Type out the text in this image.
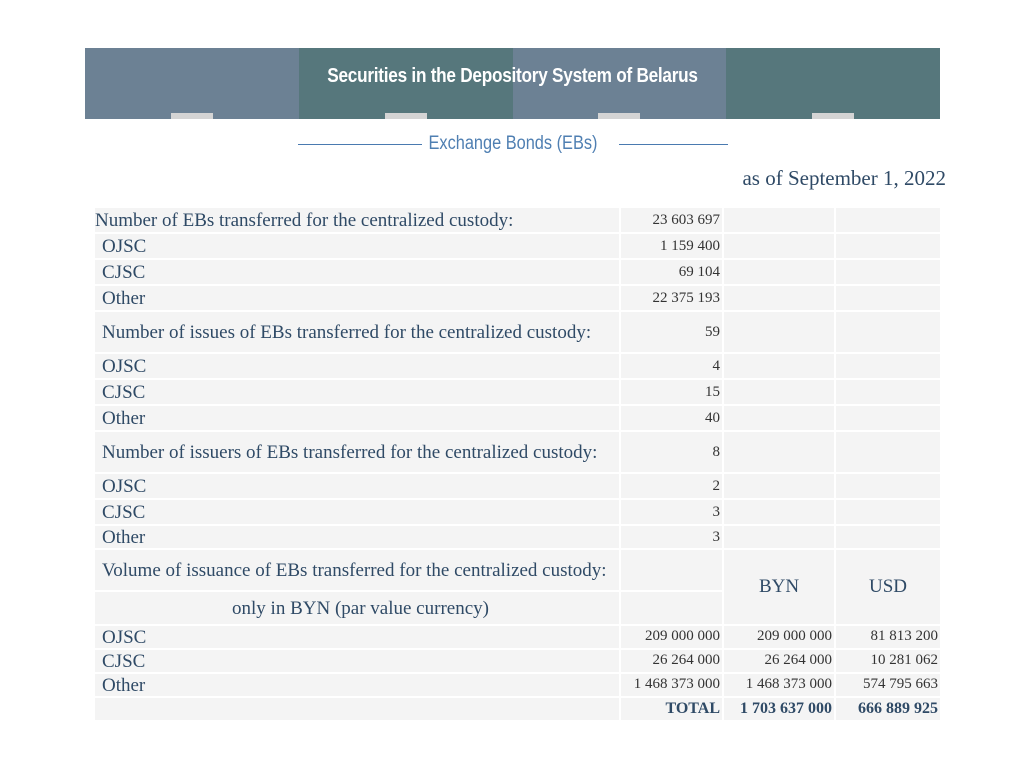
Securities in the Depository System of Belarus
Exchange Bonds (EBs)
as of September 1, 2022
Number of EBs transferred for the centralized custody:	23 603 697		
OJSC	1 159 400		
CJSC	69 104		
Other	22 375 193		
Number of issues of EBs transferred for the centralized custody:	59		
OJSC	4		
CJSC	15		
Other	40		
Number of issuers of EBs transferred for the centralized custody:	8		
OJSC	2		
CJSC	3		
Other	3		
Volume of issuance of EBs transferred for the centralized custody:		BYN	USD
only in BYN (par value currency)			
OJSC	209 000 000	209 000 000	81 813 200
CJSC	26 264 000	26 264 000	10 281 062
Other	1 468 373 000	1 468 373 000	574 795 663
	TOTAL	1 703 637 000	666 889 925
